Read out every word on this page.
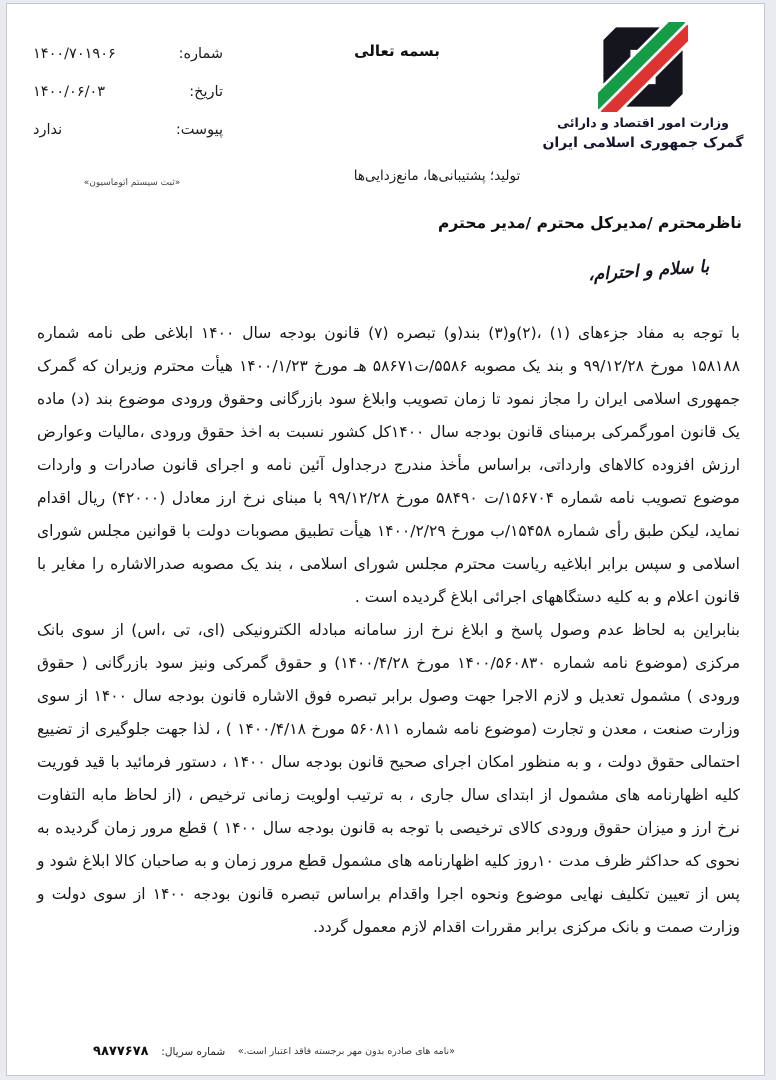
شماره:
۱۴۰۰/۷۰۱۹۰۶
تاریخ:
۱۴۰۰/۰۶/۰۳
پیوست:
ندارد
«ثبت سیستم اتوماسیون»
بسمه تعالی
وزارت امور اقتصاد و دارائی
گمرک جمهوری اسلامی ایران
تولید؛ پشتیبانی‌ها، مانع‌زدایی‌ها
ناظرمحترم /مدیرکل محترم /مدیر محترم
با سلام و احترام،

با توجه به مفاد جزءهای (۱) ،(۲)و(۳) بند(و) تبصره (۷) قانون بودجه سال ۱۴۰۰ ابلاغی طی نامه شماره ۱۵۸۱۸۸ مورخ ۹۹/۱۲/۲۸ و بند یک مصوبه ۵۵۸۶/ت۵۸۶۷۱ هـ مورخ ۱۴۰۰/۱/۲۳ هیأت محترم وزیران که گمرک جمهوری اسلامی ایران را مجاز نمود تا زمان تصویب وابلاغ سود بازرگانی وحقوق ورودی موضوع بند (د) ماده یک قانون امورگمرکی برمبنای قانون بودجه سال ۱۴۰۰کل کشور نسبت به اخذ حقوق ورودی ،مالیات وعوارض ارزش افزوده کالاهای وارداتی، براساس مأخذ مندرج درجداول آئین نامه و اجرای قانون صادرات و واردات موضوع تصویب نامه شماره ۱۵۶۷۰۴/ت ۵۸۴۹۰ مورخ ۹۹/۱۲/۲۸ با مبنای نرخ ارز معادل (۴۲۰۰۰) ریال اقدام نماید، لیکن طبق رأی شماره ۱۵۴۵۸/ب مورخ ۱۴۰۰/۲/۲۹ هیأت تطبیق مصوبات دولت با قوانین مجلس شورای اسلامی و سپس برابر ابلاغیه ریاست محترم مجلس شورای اسلامی ، بند یک مصوبه صدرالاشاره را مغایر با قانون اعلام و به کلیه دستگاههای اجرائی ابلاغ گردیده است .

بنابراین به لحاظ عدم وصول پاسخ و ابلاغ نرخ ارز سامانه مبادله الکترونیکی (ای، تی ،اس) از سوی بانک مرکزی (موضوع نامه شماره ۱۴۰۰/۵۶۰۸۳۰ مورخ ۱۴۰۰/۴/۲۸) و حقوق گمرکی ونیز سود بازرگانی ( حقوق ورودی ) مشمول تعدیل و لازم الاجرا جهت وصول برابر تبصره فوق الاشاره قانون بودجه سال ۱۴۰۰ از سوی وزارت صنعت ، معدن و تجارت (موضوع نامه شماره ۵۶۰۸۱۱ مورخ ۱۴۰۰/۴/۱۸ ) ، لذا جهت جلوگیری از تضییع احتمالی حقوق دولت ، و به منظور امکان اجرای صحیح قانون بودجه سال ۱۴۰۰ ، دستور فرمائید با قید فوریت کلیه اظهارنامه های مشمول از ابتدای سال جاری ، به ترتیب اولویت زمانی ترخیص ، (از لحاظ مابه التفاوت نرخ ارز و میزان حقوق ورودی کالای ترخیصی با توجه به قانون بودجه سال ۱۴۰۰ ) قطع مرور زمان گردیده به نحوی که حداکثر ظرف مدت ۱۰روز کلیه اظهارنامه های مشمول قطع مرور زمان و به صاحبان کالا ابلاغ شود و پس از تعیین تکلیف نهایی موضوع ونحوه اجرا واقدام براساس تبصره قانون بودجه ۱۴۰۰ از سوی دولت و وزارت صمت و بانک مرکزی برابر مقررات اقدام لازم معمول گردد.

«نامه های صادره بدون مهر برجسته فاقد اعتبار است.»
شماره سریال:
۹۸۷۷۶۷۸
